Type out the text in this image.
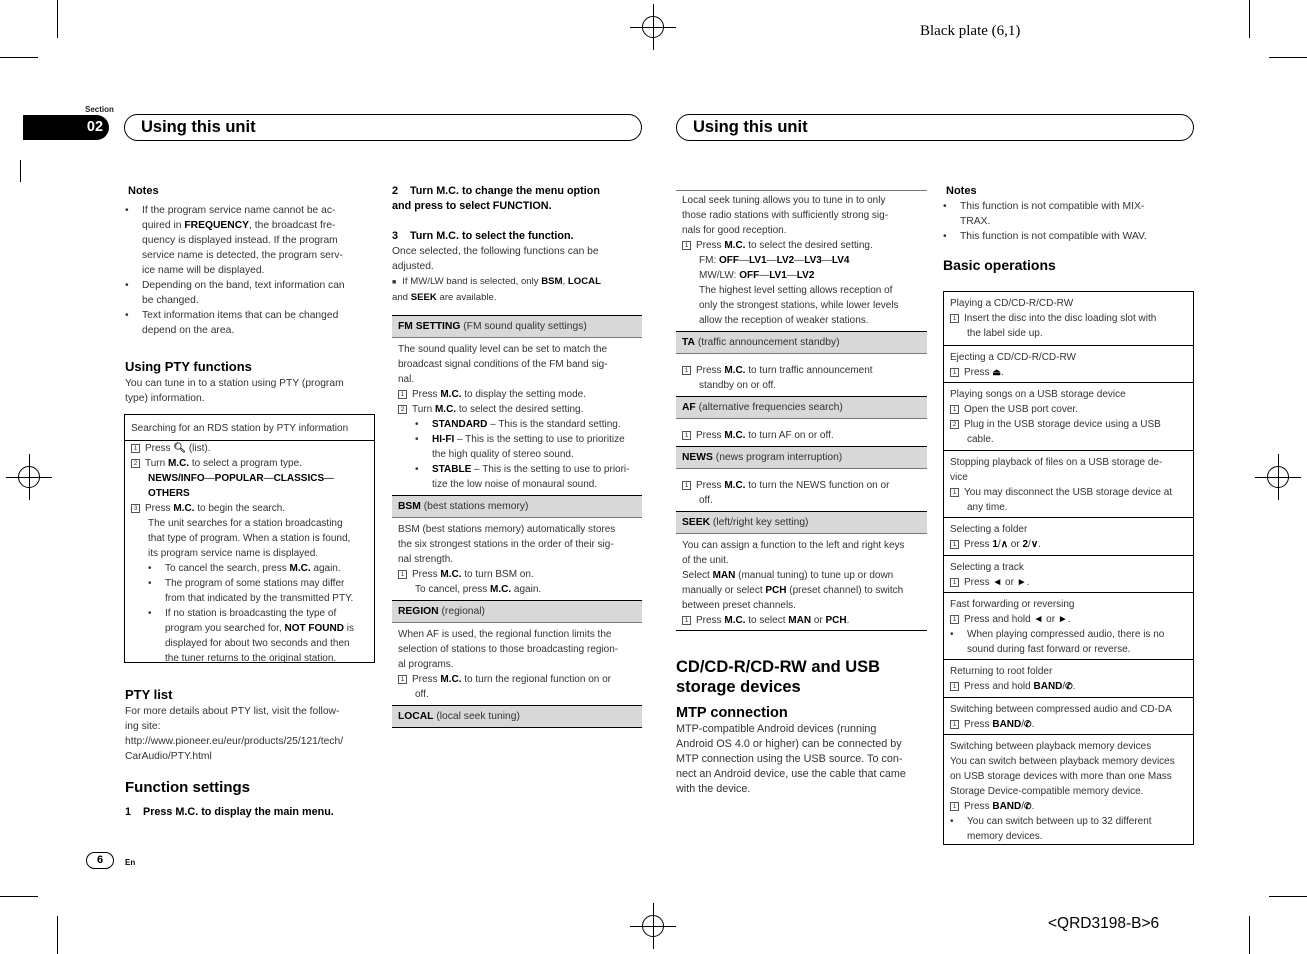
Black plate (6,1)
<QRD3198-B>6
Section
02	Using this unit	Using this unit
Notes
• If the program service name cannot be ac-
quired in FREQUENCY, the broadcast fre-
quency is displayed instead. If the program
service name is detected, the program serv-
ice name will be displayed.
• Depending on the band, text information can
be changed.
• Text information items that can be changed
depend on the area.
Using PTY functions
You can tune in to a station using PTY (program
type) information.
Searching for an RDS station by PTY information
1 Press 🔍︎ (list).
2 Turn M.C. to select a program type.
NEWS/INFO—POPULAR—CLASSICS—
OTHERS
3 Press M.C. to begin the search.
The unit searches for a station broadcasting
that type of program. When a station is found,
its program service name is displayed.
• To cancel the search, press M.C. again.
• The program of some stations may differ
from that indicated by the transmitted PTY.
• If no station is broadcasting the type of
program you searched for, NOT FOUND is
displayed for about two seconds and then
the tuner returns to the original station.
PTY list
For more details about PTY list, visit the follow-
ing site:
http://www.pioneer.eu/eur/products/25/121/tech/
CarAudio/PTY.html
Function settings
1    Press M.C. to display the main menu.
2    Turn M.C. to change the menu option
and press to select FUNCTION.
3    Turn M.C. to select the function.
Once selected, the following functions can be
adjusted.
■ If MW/LW band is selected, only BSM, LOCAL
and SEEK are available.
FM SETTING (FM sound quality settings)
The sound quality level can be set to match the
broadcast signal conditions of the FM band sig-
nal.
1 Press M.C. to display the setting mode.
2 Turn M.C. to select the desired setting.
• STANDARD – This is the standard setting.
• HI-FI – This is the setting to use to prioritize
the high quality of stereo sound.
• STABLE – This is the setting to use to priori-
tize the low noise of monaural sound.
BSM (best stations memory)
BSM (best stations memory) automatically stores
the six strongest stations in the order of their sig-
nal strength.
1 Press M.C. to turn BSM on.
To cancel, press M.C. again.
REGION (regional)
When AF is used, the regional function limits the
selection of stations to those broadcasting region-
al programs.
1 Press M.C. to turn the regional function on or
off.
LOCAL (local seek tuning)
Local seek tuning allows you to tune in to only
those radio stations with sufficiently strong sig-
nals for good reception.
1 Press M.C. to select the desired setting.
FM: OFF—LV1—LV2—LV3—LV4
MW/LW: OFF—LV1—LV2
The highest level setting allows reception of
only the strongest stations, while lower levels
allow the reception of weaker stations.
TA (traffic announcement standby)
1 Press M.C. to turn traffic announcement
standby on or off.
AF (alternative frequencies search)
1 Press M.C. to turn AF on or off.
NEWS (news program interruption)
1 Press M.C. to turn the NEWS function on or
off.
SEEK (left/right key setting)
You can assign a function to the left and right keys
of the unit.
Select MAN (manual tuning) to tune up or down
manually or select PCH (preset channel) to switch
between preset channels.
1 Press M.C. to select MAN or PCH.
CD/CD-R/CD-RW and USB
storage devices
MTP connection
MTP-compatible Android devices (running
Android OS 4.0 or higher) can be connected by
MTP connection using the USB source. To con-
nect an Android device, use the cable that came
with the device.
Notes
• This function is not compatible with MIX-
TRAX.
• This function is not compatible with WAV.
Basic operations
Playing a CD/CD-R/CD-RW
1 Insert the disc into the disc loading slot with
the label side up.
Ejecting a CD/CD-R/CD-RW
1 Press ⏏︎.
Playing songs on a USB storage device
1 Open the USB port cover.
2 Plug in the USB storage device using a USB
cable.
Stopping playback of files on a USB storage de-
vice
1 You may disconnect the USB storage device at
any time.
Selecting a folder
1 Press 1/∧ or 2/∨.
Selecting a track
1 Press ◄ or ►.
Fast forwarding or reversing
1 Press and hold ◄ or ►.
• When playing compressed audio, there is no
sound during fast forward or reverse.
Returning to root folder
1 Press and hold BAND/✆︎.
Switching between compressed audio and CD-DA
1 Press BAND/✆︎.
Switching between playback memory devices
You can switch between playback memory devices
on USB storage devices with more than one Mass
Storage Device-compatible memory device.
1 Press BAND/✆︎.
• You can switch between up to 32 different
memory devices.
6	En
